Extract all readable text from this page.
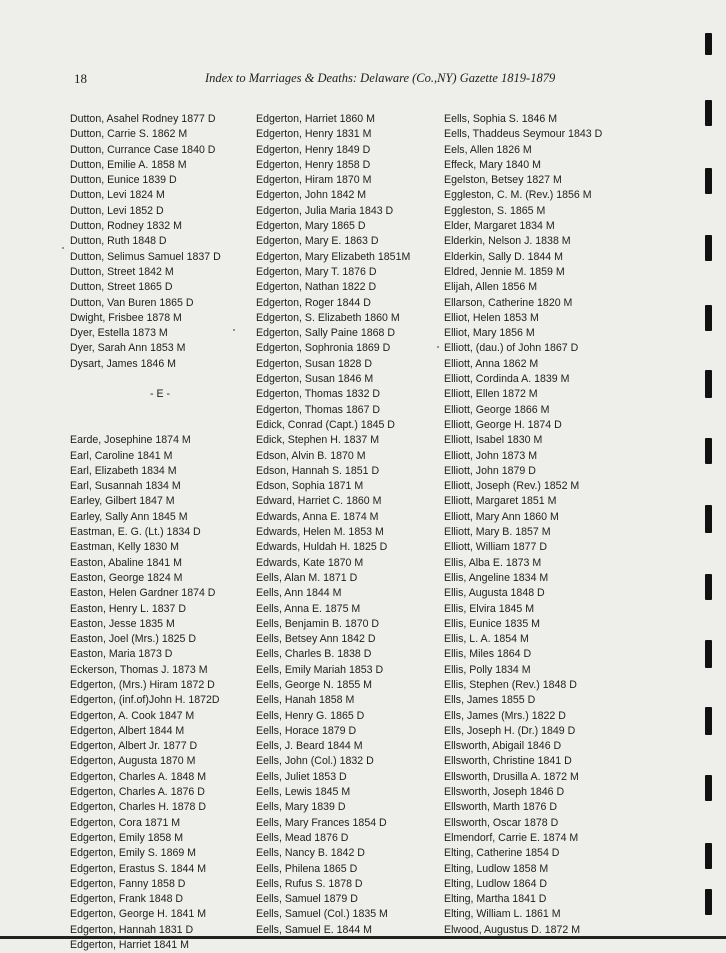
18	Index to Marriages & Deaths: Delaware (Co.,NY) Gazette 1819-1879
Dutton, Asahel Rodney 1877 D
Dutton, Carrie S. 1862 M
Dutton, Currance Case 1840 D
Dutton, Emilie A. 1858 M
Dutton, Eunice 1839 D
Dutton, Levi 1824 M
Dutton, Levi 1852 D
Dutton, Rodney 1832 M
Dutton, Ruth 1848 D
Dutton, Selimus Samuel 1837 D
Dutton, Street 1842 M
Dutton, Street 1865 D
Dutton, Van Buren 1865 D
Dwight, Frisbee 1878 M
Dyer, Estella 1873 M
Dyer, Sarah Ann 1853 M
Dysart, James 1846 M
- E -
Earde, Josephine 1874 M
Earl, Caroline 1841 M
Earl, Elizabeth 1834 M
Earl, Susannah 1834 M
Earley, Gilbert 1847 M
Earley, Sally Ann 1845 M
Eastman, E. G. (Lt.) 1834 D
Eastman, Kelly 1830 M
Easton, Abaline 1841 M
Easton, George 1824 M
Easton, Helen Gardner 1874 D
Easton, Henry L. 1837 D
Easton, Jesse 1835 M
Easton, Joel (Mrs.) 1825 D
Easton, Maria 1873 D
Eckerson, Thomas J. 1873 M
Edgerton, (Mrs.) Hiram 1872 D
Edgerton, (inf.of)John H. 1872D
Edgerton, A. Cook 1847 M
Edgerton, Albert 1844 M
Edgerton, Albert Jr. 1877 D
Edgerton, Augusta 1870 M
Edgerton, Charles A. 1848 M
Edgerton, Charles A. 1876 D
Edgerton, Charles H. 1878 D
Edgerton, Cora 1871 M
Edgerton, Emily 1858 M
Edgerton, Emily S. 1869 M
Edgerton, Erastus S. 1844 M
Edgerton, Fanny 1858 D
Edgerton, Frank 1848 D
Edgerton, George H. 1841 M
Edgerton, Hannah 1831 D
Edgerton, Harriet 1841 M
Edgerton, Harriet 1860 M
Edgerton, Henry 1831 M
Edgerton, Henry 1849 D
Edgerton, Henry 1858 D
Edgerton, Hiram 1870 M
Edgerton, John 1842 M
Edgerton, Julia Maria 1843 D
Edgerton, Mary 1865 D
Edgerton, Mary E. 1863 D
Edgerton, Mary Elizabeth 1851M
Edgerton, Mary T. 1876 D
Edgerton, Nathan 1822 D
Edgerton, Roger 1844 D
Edgerton, S. Elizabeth 1860 M
Edgerton, Sally Paine 1868 D
Edgerton, Sophronia 1869 D
Edgerton, Susan 1828 D
Edgerton, Susan 1846 M
Edgerton, Thomas 1832 D
Edgerton, Thomas 1867 D
Edick, Conrad (Capt.) 1845 D
Edick, Stephen H. 1837 M
Edson, Alvin B. 1870 M
Edson, Hannah S. 1851 D
Edson, Sophia 1871 M
Edward, Harriet C. 1860 M
Edwards, Anna E. 1874 M
Edwards, Helen M. 1853 M
Edwards, Huldah H. 1825 D
Edwards, Kate 1870 M
Eells, Alan M. 1871 D
Eells, Ann 1844 M
Eells, Anna E. 1875 M
Eells, Benjamin B. 1870 D
Eells, Betsey Ann 1842 D
Eells, Charles B. 1838 D
Eells, Emily Mariah 1853 D
Eells, George N. 1855 M
Eells, Hanah 1858 M
Eells, Henry G. 1865 D
Eells, Horace 1879 D
Eells, J. Beard 1844 M
Eells, John (Col.) 1832 D
Eells, Juliet 1853 D
Eells, Lewis 1845 M
Eells, Mary 1839 D
Eells, Mary Frances 1854 D
Eells, Mead 1876 D
Eells, Nancy B. 1842 D
Eells, Philena 1865 D
Eells, Rufus S. 1878 D
Eells, Samuel 1879 D
Eells, Samuel (Col.) 1835 M
Eells, Samuel E. 1844 M
Eells, Sophia S. 1846 M
Eells, Thaddeus Seymour 1843 D
Eels, Allen 1826 M
Effeck, Mary 1840 M
Egelston, Betsey 1827 M
Eggleston, C. M. (Rev.) 1856 M
Eggleston, S. 1865 M
Elder, Margaret 1834 M
Elderkin, Nelson J. 1838 M
Elderkin, Sally D. 1844 M
Eldred, Jennie M. 1859 M
Elijah, Allen 1856 M
Ellarson, Catherine 1820 M
Elliot, Helen 1853 M
Elliot, Mary 1856 M
Elliott, (dau.) of John 1867 D
Elliott, Anna 1862 M
Elliott, Cordinda A. 1839 M
Elliott, Ellen 1872 M
Elliott, George 1866 M
Elliott, George H. 1874 D
Elliott, Isabel 1830 M
Elliott, John 1873 M
Elliott, John 1879 D
Elliott, Joseph (Rev.) 1852 M
Elliott, Margaret 1851 M
Elliott, Mary Ann 1860 M
Elliott, Mary B. 1857 M
Elliott, William 1877 D
Ellis, Alba E. 1873 M
Ellis, Angeline 1834 M
Ellis, Augusta 1848 D
Ellis, Elvira 1845 M
Ellis, Eunice 1835 M
Ellis, L. A. 1854 M
Ellis, Miles 1864 D
Ellis, Polly 1834 M
Ellis, Stephen (Rev.) 1848 D
Ells, James 1855 D
Ells, James (Mrs.) 1822 D
Ells, Joseph H. (Dr.) 1849 D
Ellsworth, Abigail 1846 D
Ellsworth, Christine 1841 D
Ellsworth, Drusilla A. 1872 M
Ellsworth, Joseph 1846 D
Ellsworth, Marth 1876 D
Ellsworth, Oscar 1878 D
Elmendorf, Carrie E. 1874 M
Elting, Catherine 1854 D
Elting, Ludlow 1858 M
Elting, Ludlow 1864 D
Elting, Martha 1841 D
Elting, William L. 1861 M
Elwood, Augustus D. 1872 M
